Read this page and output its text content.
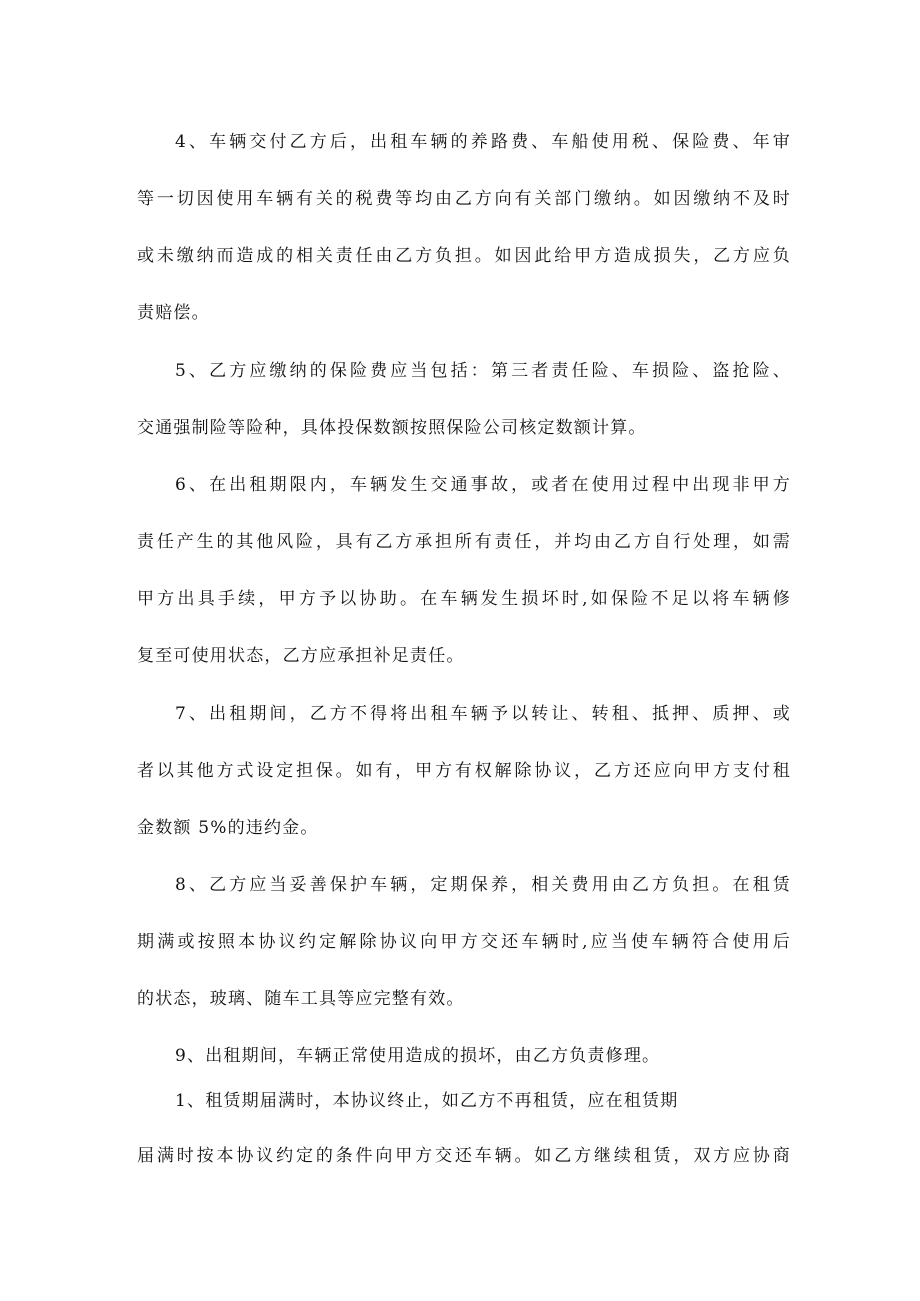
4、车辆交付乙方后，出租车辆的养路费、车船使用税、保险费、年审
等一切因使用车辆有关的税费等均由乙方向有关部门缴纳。如因缴纳不及时
或未缴纳而造成的相关责任由乙方负担。如因此给甲方造成损失，乙方应负
责赔偿。
5、乙方应缴纳的保险费应当包括：第三者责任险、车损险、盗抢险、
交通强制险等险种，具体投保数额按照保险公司核定数额计算。
6、在出租期限内，车辆发生交通事故，或者在使用过程中出现非甲方
责任产生的其他风险，具有乙方承担所有责任，并均由乙方自行处理，如需
甲方出具手续，甲方予以协助。在车辆发生损坏时,如保险不足以将车辆修
复至可使用状态，乙方应承担补足责任。
7、出租期间，乙方不得将出租车辆予以转让、转租、抵押、质押、或
者以其他方式设定担保。如有，甲方有权解除协议，乙方还应向甲方支付租
金数额 5%的违约金。
8、乙方应当妥善保护车辆，定期保养，相关费用由乙方负担。在租赁
期满或按照本协议约定解除协议向甲方交还车辆时,应当使车辆符合使用后
的状态，玻璃、随车工具等应完整有效。
9、出租期间，车辆正常使用造成的损坏，由乙方负责修理。
1、租赁期届满时，本协议终止，如乙方不再租赁，应在租赁期
届满时按本协议约定的条件向甲方交还车辆。如乙方继续租赁，双方应协商
